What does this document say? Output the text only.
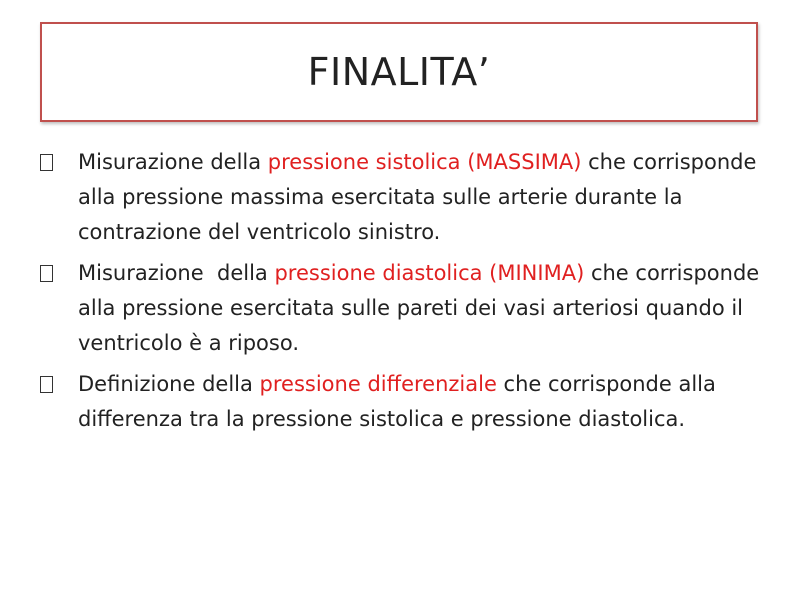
FINALITA’
Misurazione della pressione sistolica (MASSIMA) che corrisponde alla pressione massima esercitata sulle arterie durante la contrazione del ventricolo sinistro.
Misurazione  della pressione diastolica (MINIMA) che corrisponde alla pressione esercitata sulle pareti dei vasi arteriosi quando il ventricolo è a riposo.
Definizione della pressione differenziale che corrisponde alla differenza tra la pressione sistolica e pressione diastolica.
